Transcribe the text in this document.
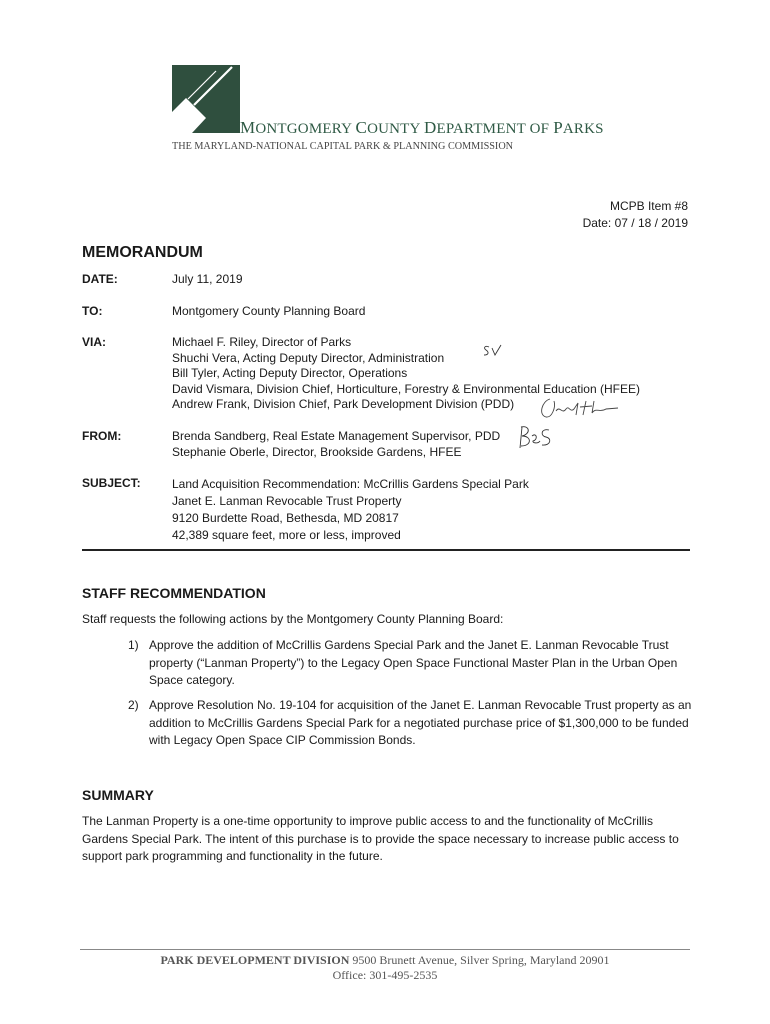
MONTGOMERY COUNTY DEPARTMENT OF PARKS
THE MARYLAND-NATIONAL CAPITAL PARK & PLANNING COMMISSION
MCPB Item #8
Date: 07 / 18 / 2019
MEMORANDUM
DATE:	July 11, 2019
TO:	Montgomery County Planning Board
VIA:	Michael F. Riley, Director of Parks
Shuchi Vera, Acting Deputy Director, Administration
Bill Tyler, Acting Deputy Director, Operations
David Vismara, Division Chief, Horticulture, Forestry & Environmental Education (HFEE)
Andrew Frank, Division Chief, Park Development Division (PDD)
FROM:	Brenda Sandberg, Real Estate Management Supervisor, PDD
Stephanie Oberle, Director, Brookside Gardens, HFEE
SUBJECT:	Land Acquisition Recommendation: McCrillis Gardens Special Park
Janet E. Lanman Revocable Trust Property
9120 Burdette Road, Bethesda, MD 20817
42,389 square feet, more or less, improved
STAFF RECOMMENDATION
Staff requests the following actions by the Montgomery County Planning Board:
1) Approve the addition of McCrillis Gardens Special Park and the Janet E. Lanman Revocable Trust property (“Lanman Property”) to the Legacy Open Space Functional Master Plan in the Urban Open Space category.
2) Approve Resolution No. 19-104 for acquisition of the Janet E. Lanman Revocable Trust property as an addition to McCrillis Gardens Special Park for a negotiated purchase price of $1,300,000 to be funded with Legacy Open Space CIP Commission Bonds.
SUMMARY
The Lanman Property is a one-time opportunity to improve public access to and the functionality of McCrillis Gardens Special Park. The intent of this purchase is to provide the space necessary to increase public access to support park programming and functionality in the future.
PARK DEVELOPMENT DIVISION 9500 Brunett Avenue, Silver Spring, Maryland 20901
Office: 301-495-2535
